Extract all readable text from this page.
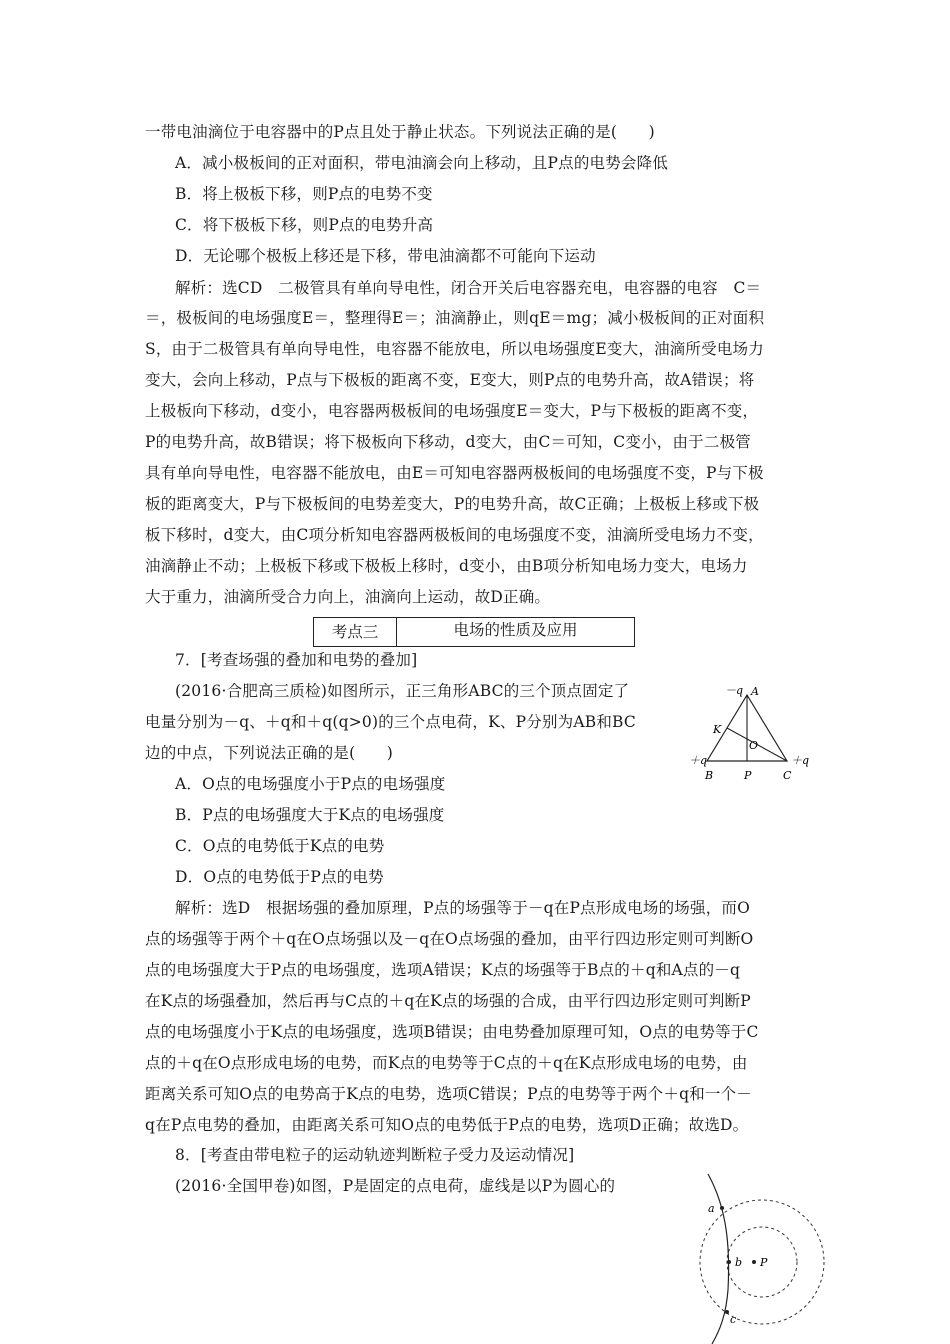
一带电油滴位于电容器中的P点且处于静止状态。下列说法正确的是(　　)
A．减小极板间的正对面积，带电油滴会向上移动，且P点的电势会降低
B．将上极板下移，则P点的电势不变
C．将下极板下移，则P点的电势升高
D．无论哪个极板上移还是下移，带电油滴都不可能向下运动
解析：选CD　二极管具有单向导电性，闭合开关后电容器充电，电容器的电容　C＝
＝，极板间的电场强度E＝，整理得E＝；油滴静止，则qE＝mg；减小极板间的正对面积
S，由于二极管具有单向导电性，电容器不能放电，所以电场强度E变大，油滴所受电场力
变大，会向上移动，P点与下极板的距离不变，E变大，则P点的电势升高，故A错误；将
上极板向下移动，d变小，电容器两极板间的电场强度E＝变大，P与下极板的距离不变，
P的电势升高，故B错误；将下极板向下移动，d变大，由C＝可知，C变小，由于二极管
具有单向导电性，电容器不能放电，由E＝可知电容器两极板间的电场强度不变，P与下极
板的距离变大，P与下极板间的电势差变大，P的电势升高，故C正确；上极板上移或下极
板下移时，d变大，由C项分析知电容器两极板间的电场强度不变，油滴所受电场力不变，
油滴静止不动；上极板下移或下极板上移时，d变小，由B项分析知电场力变大，电场力
大于重力，油滴所受合力向上，油滴向上运动，故D正确。
考点三	电场的性质及应用
7．[考查场强的叠加和电势的叠加]
(2016·合肥高三质检)如图所示，正三角形ABC的三个顶点固定了
电量分别为－q、＋q和＋q(q>0)的三个点电荷，K、P分别为AB和BC
边的中点，下列说法正确的是(　　)
A．O点的电场强度小于P点的电场强度
B．P点的电场强度大于K点的电场强度
C．O点的电势低于K点的电势
D．O点的电势低于P点的电势
－q A
K
O
＋q	＋q
B	P	C
解析：选D　根据场强的叠加原理，P点的场强等于－q在P点形成电场的场强，而O
点的场强等于两个＋q在O点场强以及－q在O点场强的叠加，由平行四边形定则可判断O
点的电场强度大于P点的电场强度，选项A错误；K点的场强等于B点的＋q和A点的－q
在K点的场强叠加，然后再与C点的＋q在K点的场强的合成，由平行四边形定则可判断P
点的电场强度小于K点的电场强度，选项B错误；由电势叠加原理可知，O点的电势等于C
点的＋q在O点形成电场的电势，而K点的电势等于C点的＋q在K点形成电场的电势，由
距离关系可知O点的电势高于K点的电势，选项C错误；P点的电势等于两个＋q和一个－
q在P点电势的叠加，由距离关系可知O点的电势低于P点的电势，选项D正确；故选D。
8．[考查由带电粒子的运动轨迹判断粒子受力及运动情况]
(2016·全国甲卷)如图，P是固定的点电荷，虚线是以P为圆心的
a
b
c
P
